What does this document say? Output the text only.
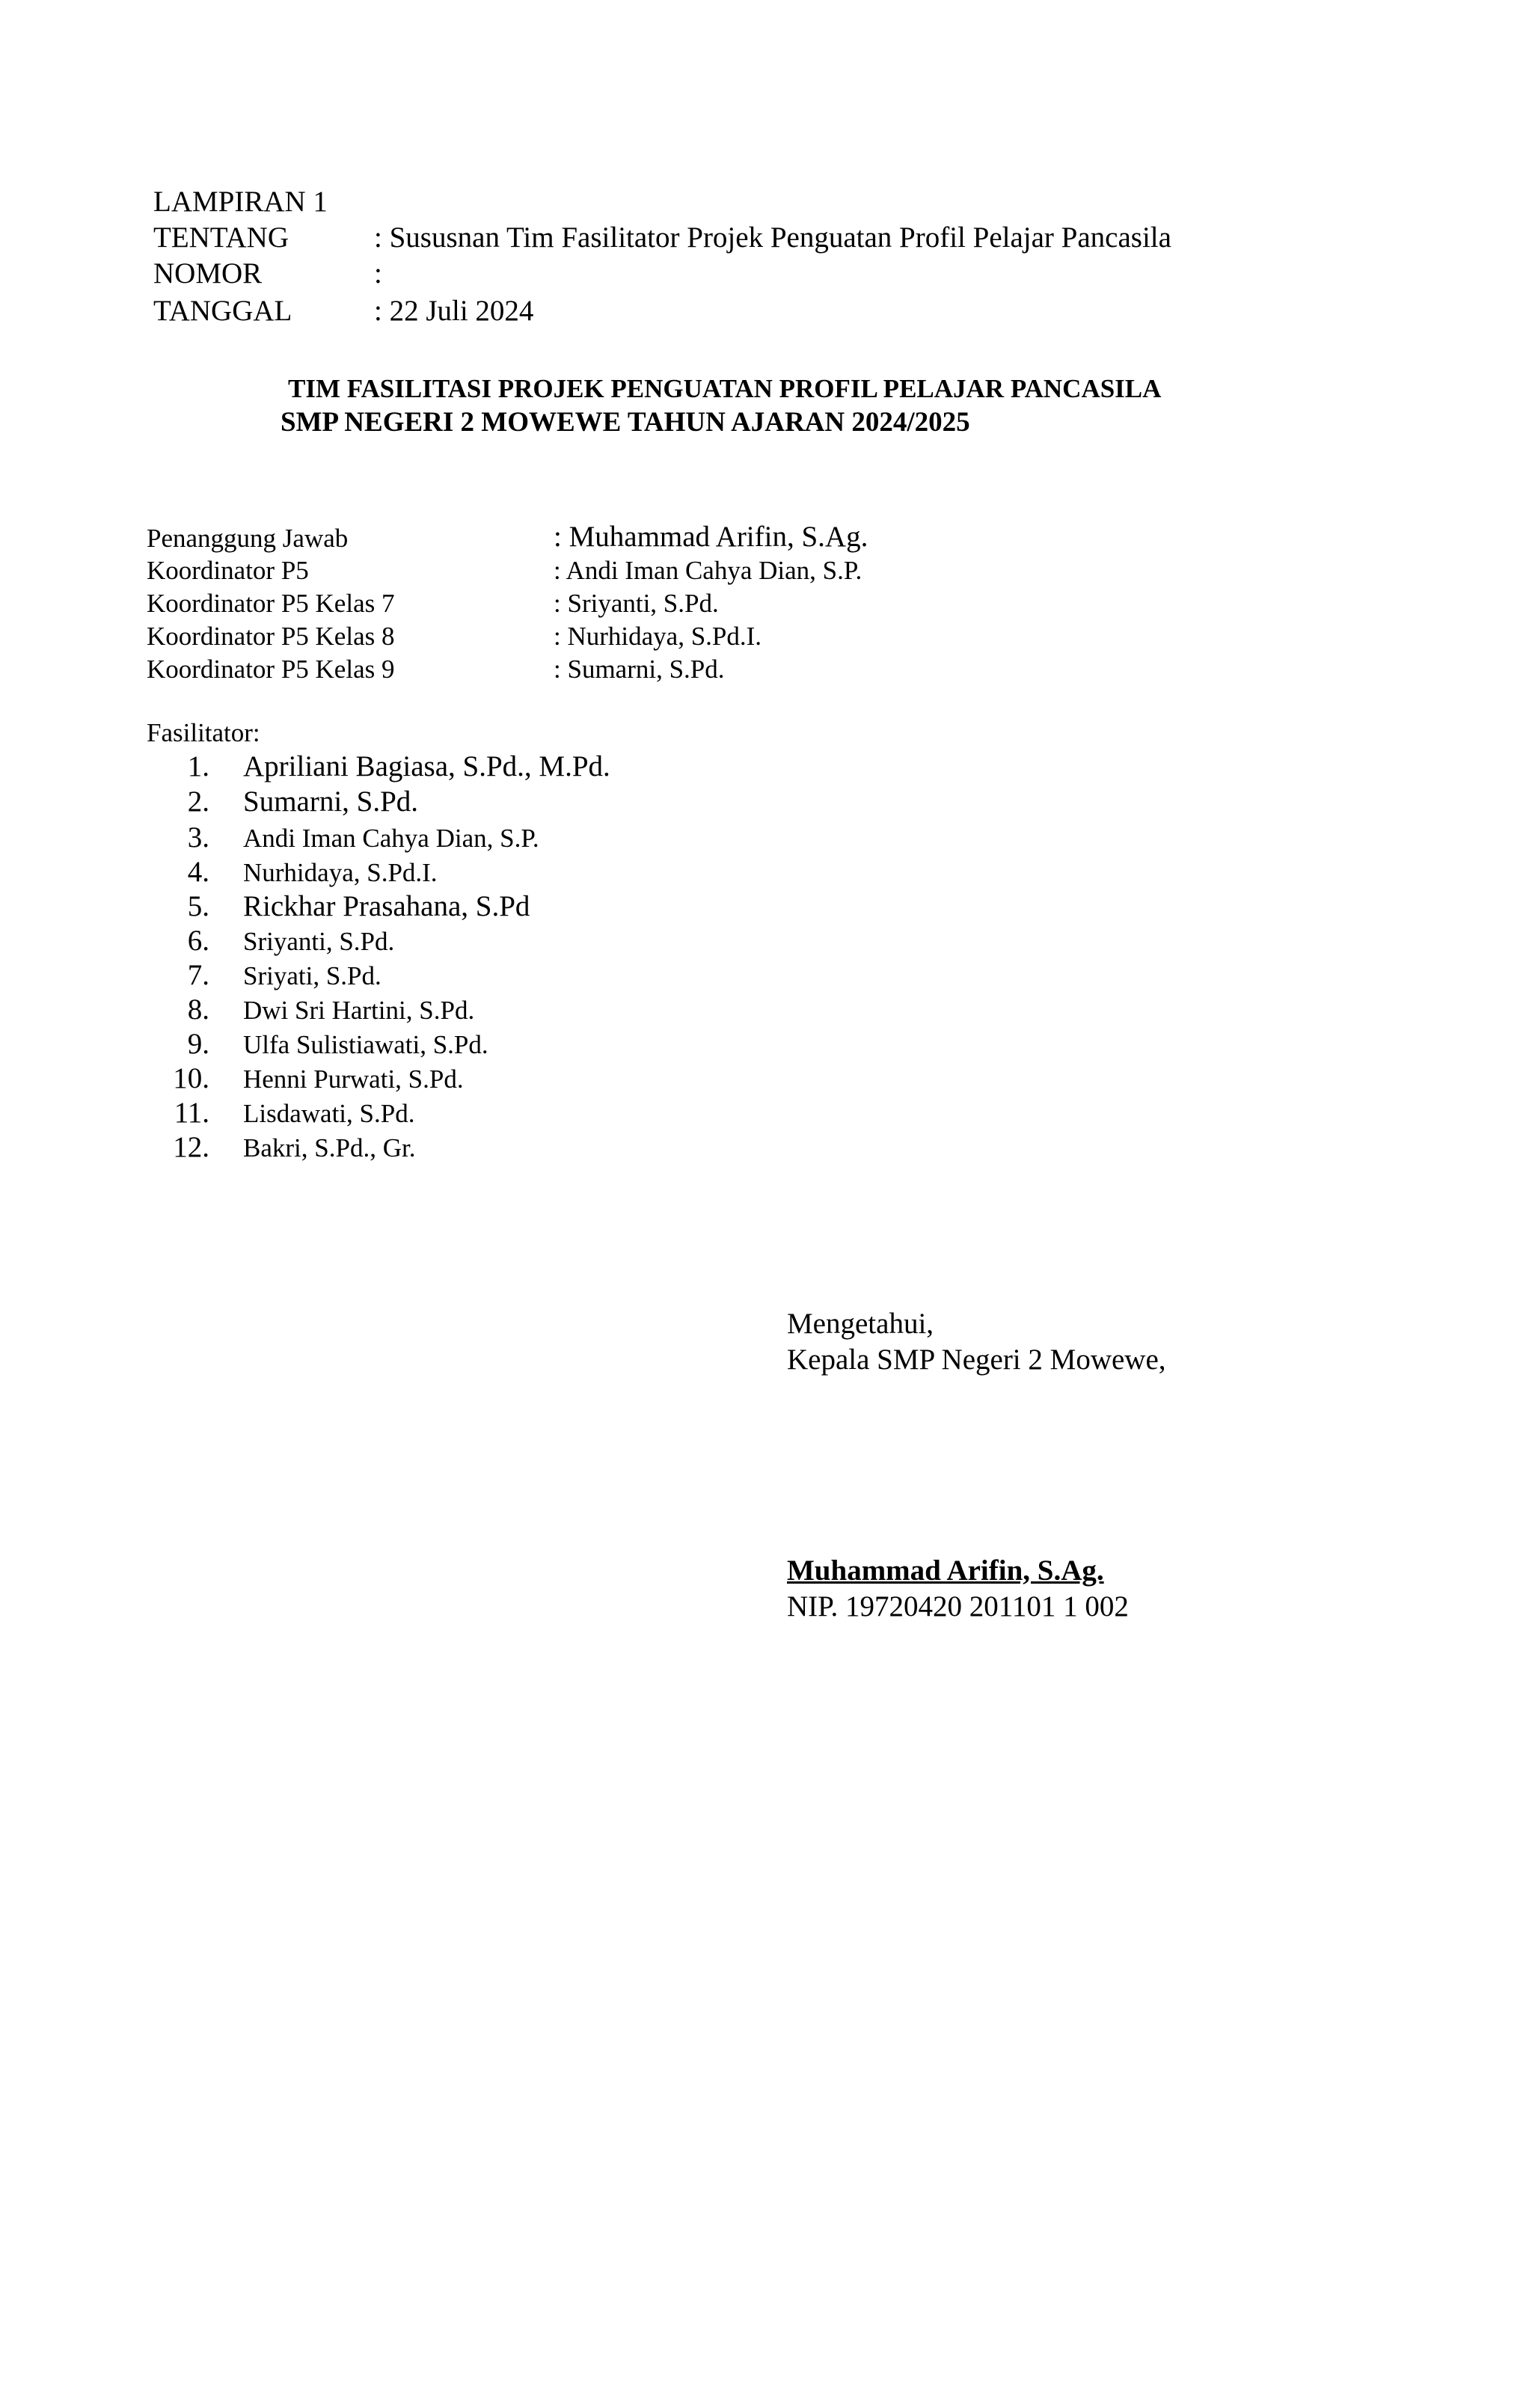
LAMPIRAN 1
TENTANG	: Sususnan Tim Fasilitator Projek Penguatan Profil Pelajar Pancasila
NOMOR	:
TANGGAL	: 22 Juli 2024
TIM FASILITASI PROJEK PENGUATAN PROFIL PELAJAR PANCASILA
SMP NEGERI 2 MOWEWE TAHUN AJARAN 2024/2025
Penanggung Jawab	: Muhammad Arifin, S.Ag.
Koordinator P5	: Andi Iman Cahya Dian, S.P.
Koordinator P5 Kelas 7	: Sriyanti, S.Pd.
Koordinator P5 Kelas 8	: Nurhidaya, S.Pd.I.
Koordinator P5 Kelas 9	: Sumarni, S.Pd.
Fasilitator:
1. Apriliani Bagiasa, S.Pd., M.Pd.
2. Sumarni, S.Pd.
3. Andi Iman Cahya Dian, S.P.
4. Nurhidaya, S.Pd.I.
5. Rickhar Prasahana, S.Pd
6. Sriyanti, S.Pd.
7. Sriyati, S.Pd.
8. Dwi Sri Hartini, S.Pd.
9. Ulfa Sulistiawati, S.Pd.
10. Henni Purwati, S.Pd.
11. Lisdawati, S.Pd.
12. Bakri, S.Pd., Gr.
Mengetahui,
Kepala SMP Negeri 2 Mowewe,
Muhammad Arifin, S.Ag.
NIP. 19720420 201101 1 002
